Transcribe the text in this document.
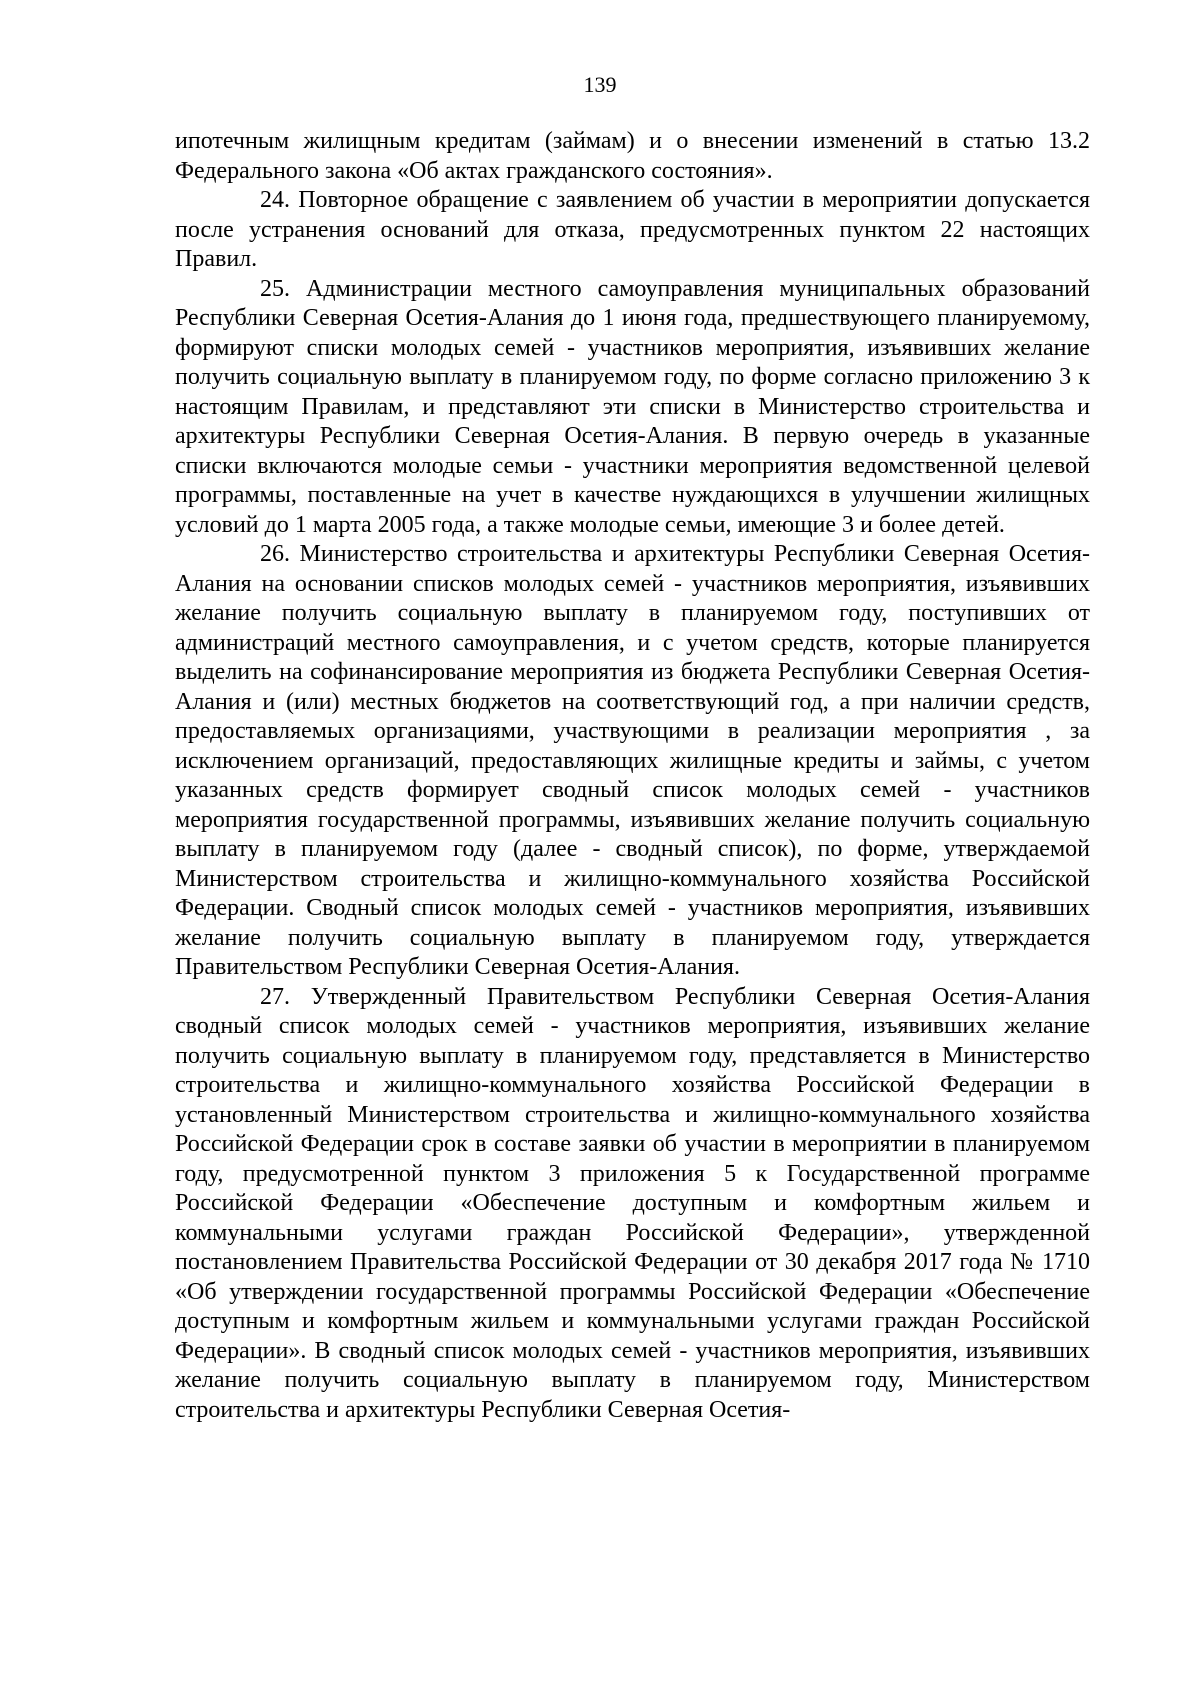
139

ипотечным жилищным кредитам (займам) и о внесении изменений в статью 13.2 Федерального закона «Об актах гражданского состояния».

24. Повторное обращение с заявлением об участии в мероприятии допускается после устранения оснований для отказа, предусмотренных пунктом 22 настоящих Правил.

25. Администрации местного самоуправления муниципальных образований Республики Северная Осетия-Алания до 1 июня года, предшествующего планируемому, формируют списки молодых семей - участников мероприятия, изъявивших желание получить социальную выплату в планируемом году, по форме согласно приложению 3 к настоящим Правилам, и представляют эти списки в Министерство строительства и архитектуры Республики Северная Осетия-Алания. В первую очередь в указанные списки включаются молодые семьи - участники мероприятия ведомственной целевой программы, поставленные на учет в качестве нуждающихся в улучшении жилищных условий до 1 марта 2005 года, а также молодые семьи, имеющие 3 и более детей.

26. Министерство строительства и архитектуры Республики Северная Осетия-Алания на основании списков молодых семей - участников мероприятия, изъявивших желание получить социальную выплату в планируемом году, поступивших от администраций местного самоуправления, и с учетом средств, которые планируется выделить на софинансирование мероприятия из бюджета Республики Северная Осетия-Алания и (или) местных бюджетов на соответствующий год, а при наличии средств, предоставляемых организациями, участвующими в реализации мероприятия , за исключением организаций, предоставляющих жилищные кредиты и займы, с учетом указанных средств формирует сводный список молодых семей - участников мероприятия государственной программы, изъявивших желание получить социальную выплату в планируемом году (далее - сводный список), по форме, утверждаемой Министерством строительства и жилищно-коммунального хозяйства Российской Федерации. Сводный список молодых семей - участников мероприятия, изъявивших желание получить социальную выплату в планируемом году, утверждается Правительством Республики Северная Осетия-Алания.

27. Утвержденный Правительством Республики Северная Осетия-Алания сводный список молодых семей - участников мероприятия, изъявивших желание получить социальную выплату в планируемом году, представляется в Министерство строительства и жилищно-коммунального хозяйства Российской Федерации в установленный Министерством строительства и жилищно-коммунального хозяйства Российской Федерации срок в составе заявки об участии в мероприятии в планируемом году, предусмотренной пунктом 3 приложения 5 к Государственной программе Российской Федерации «Обеспечение доступным и комфортным жильем и коммунальными услугами граждан Российской Федерации», утвержденной постановлением Правительства Российской Федерации от 30 декабря 2017 года № 1710 «Об утверждении государственной программы Российской Федерации «Обеспечение доступным и комфортным жильем и коммунальными услугами граждан Российской Федерации». В сводный список молодых семей - участников мероприятия, изъявивших желание получить социальную выплату в планируемом году, Министерством строительства и архитектуры Республики Северная Осетия-
